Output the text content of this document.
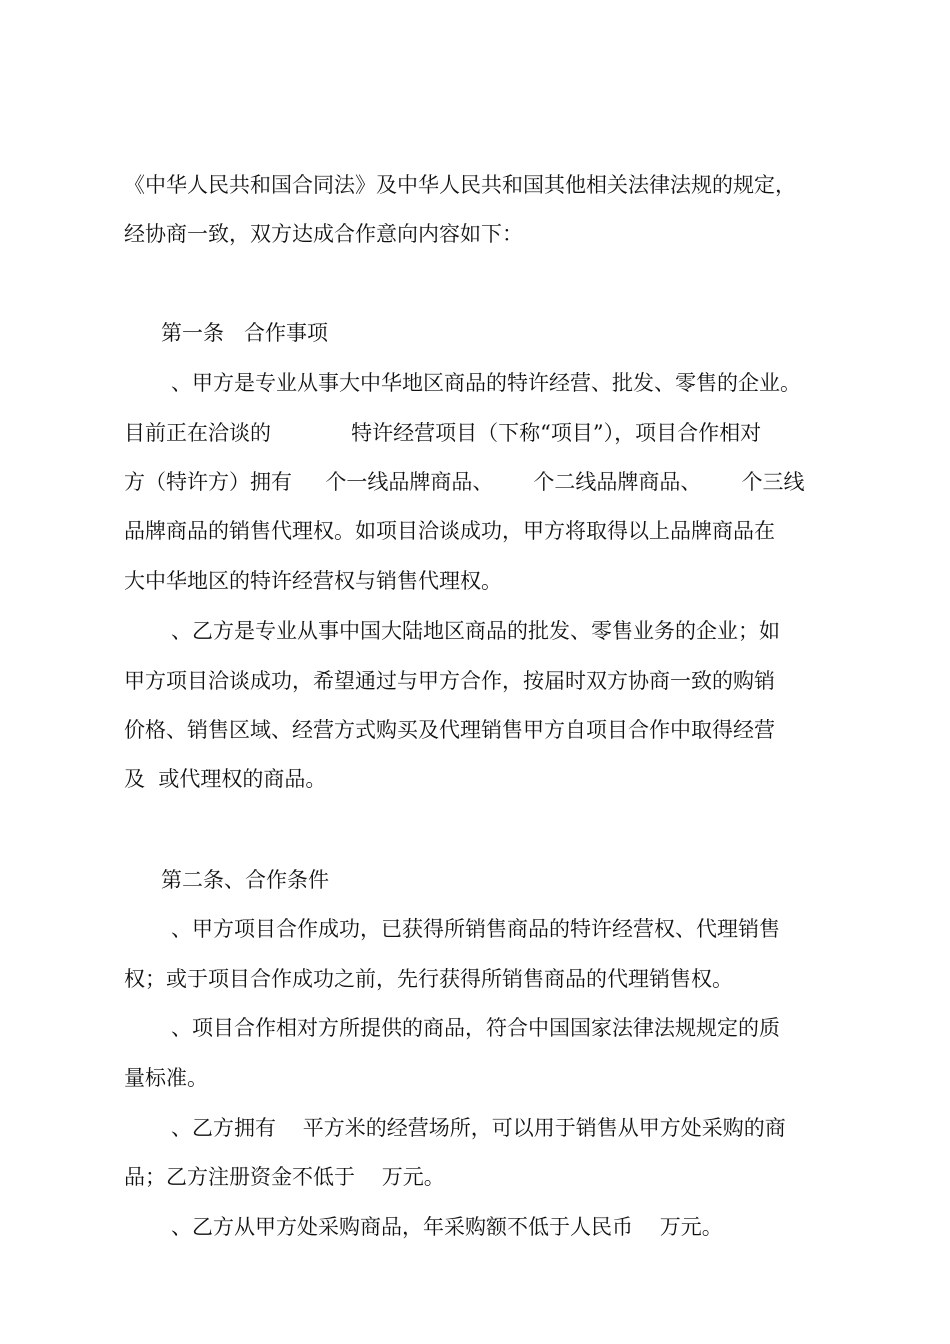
《中华人民共和国合同法》及中华人民共和国其他相关法律法规的规定，
经协商一致，双方达成合作意向内容如下：
第一条   合作事项
、甲方是专业从事大中华地区商品的特许经营、批发、零售的企业。
目前正在洽谈的            特许经营项目（下称“项目”），项目合作相对
方（特许方）拥有     个一线品牌商品、      个二线品牌商品、      个三线
品牌商品的销售代理权。如项目洽谈成功，甲方将取得以上品牌商品在
大中华地区的特许经营权与销售代理权。
、乙方是专业从事中国大陆地区商品的批发、零售业务的企业；如
甲方项目洽谈成功，希望通过与甲方合作，按届时双方协商一致的购销
价格、销售区域、经营方式购买及代理销售甲方自项目合作中取得经营
及  或代理权的商品。
第二条、合作条件
、甲方项目合作成功，已获得所销售商品的特许经营权、代理销售
权；或于项目合作成功之前，先行获得所销售商品的代理销售权。
、项目合作相对方所提供的商品，符合中国国家法律法规规定的质
量标准。
、乙方拥有    平方米的经营场所，可以用于销售从甲方处采购的商
品；乙方注册资金不低于    万元。
、乙方从甲方处采购商品，年采购额不低于人民币    万元。
